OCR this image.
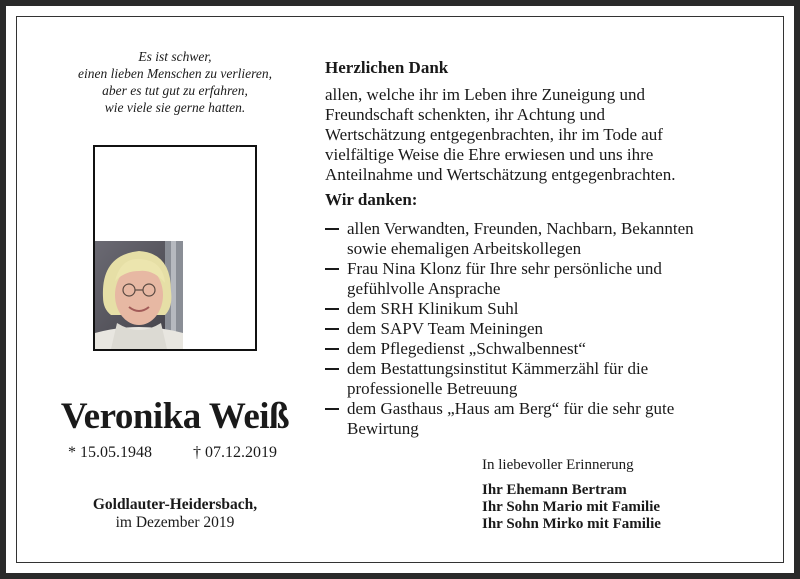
Es ist schwer,
einen lieben Menschen zu verlieren,
aber es tut gut zu erfahren,
wie viele sie gerne hatten.
Veronika Weiß
* 15.05.1948	† 07.12.2019
Goldlauter-Heidersbach,
im Dezember 2019
Herzlichen Dank
allen, welche ihr im Leben ihre Zuneigung und
Freundschaft schenkten, ihr Achtung und
Wertschätzung entgegenbrachten, ihr im Tode auf
vielfältige Weise die Ehre erwiesen und uns ihre
Anteilnahme und Wertschätzung entgegenbrachten.
Wir danken:
allen Verwandten, Freunden, Nachbarn, Bekannten
sowie ehemaligen Arbeitskollegen
Frau Nina Klonz für Ihre sehr persönliche und
gefühlvolle Ansprache
dem SRH Klinikum Suhl
dem SAPV Team Meiningen
dem Pflegedienst „Schwalbennest“
dem Bestattungsinstitut Kämmerzähl für die
professionelle Betreuung
dem Gasthaus „Haus am Berg“ für die sehr gute
Bewirtung
In liebevoller Erinnerung
Ihr Ehemann Bertram
Ihr Sohn Mario mit Familie
Ihr Sohn Mirko mit Familie
